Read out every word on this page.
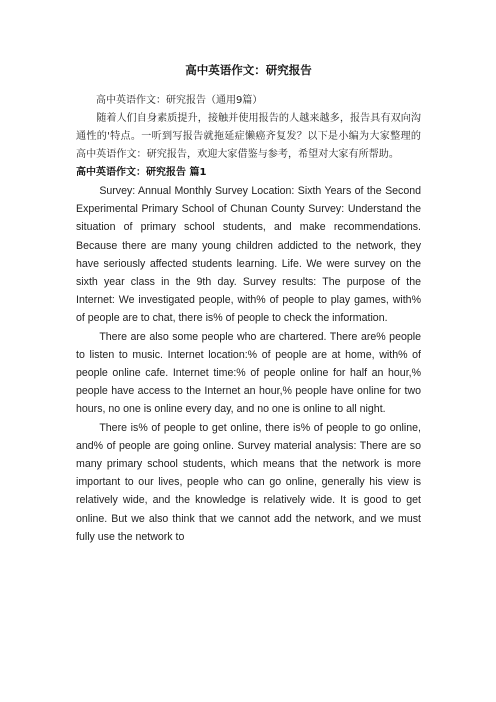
高中英语作文：研究报告

高中英语作文：研究报告（通用9篇）

随着人们自身素质提升，接触并使用报告的人越来越多，报告具有双向沟通性的'特点。一听到写报告就拖延症懒癌齐复发？以下是小编为大家整理的高中英语作文：研究报告，欢迎大家借鉴与参考，希望对大家有所帮助。

高中英语作文：研究报告 篇1

Survey: Annual Monthly Survey Location: Sixth Years of the Second Experimental Primary School of Chunan County Survey: Understand the situation of primary school students, and make recommendations. Because there are many young children addicted to the network, they have seriously affected students learning. Life. We were survey on the sixth year class in the 9th day. Survey results: The purpose of the Internet: We investigated people, with% of people to play games, with% of people are to chat, there is% of people to check the information.

There are also some people who are chartered. There are% people to listen to music. Internet location:% of people are at home, with% of people online cafe. Internet time:% of people online for half an hour,% people have access to the Internet an hour,% people have online for two hours, no one is online every day, and no one is online to all night.

There is% of people to get online, there is% of people to go online, and% of people are going online. Survey material analysis: There are so many primary school students, which means that the network is more important to our lives, people who can go online, generally his view is relatively wide, and the knowledge is relatively wide. It is good to get online. But we also think that we cannot add the network, and we must fully use the network to
